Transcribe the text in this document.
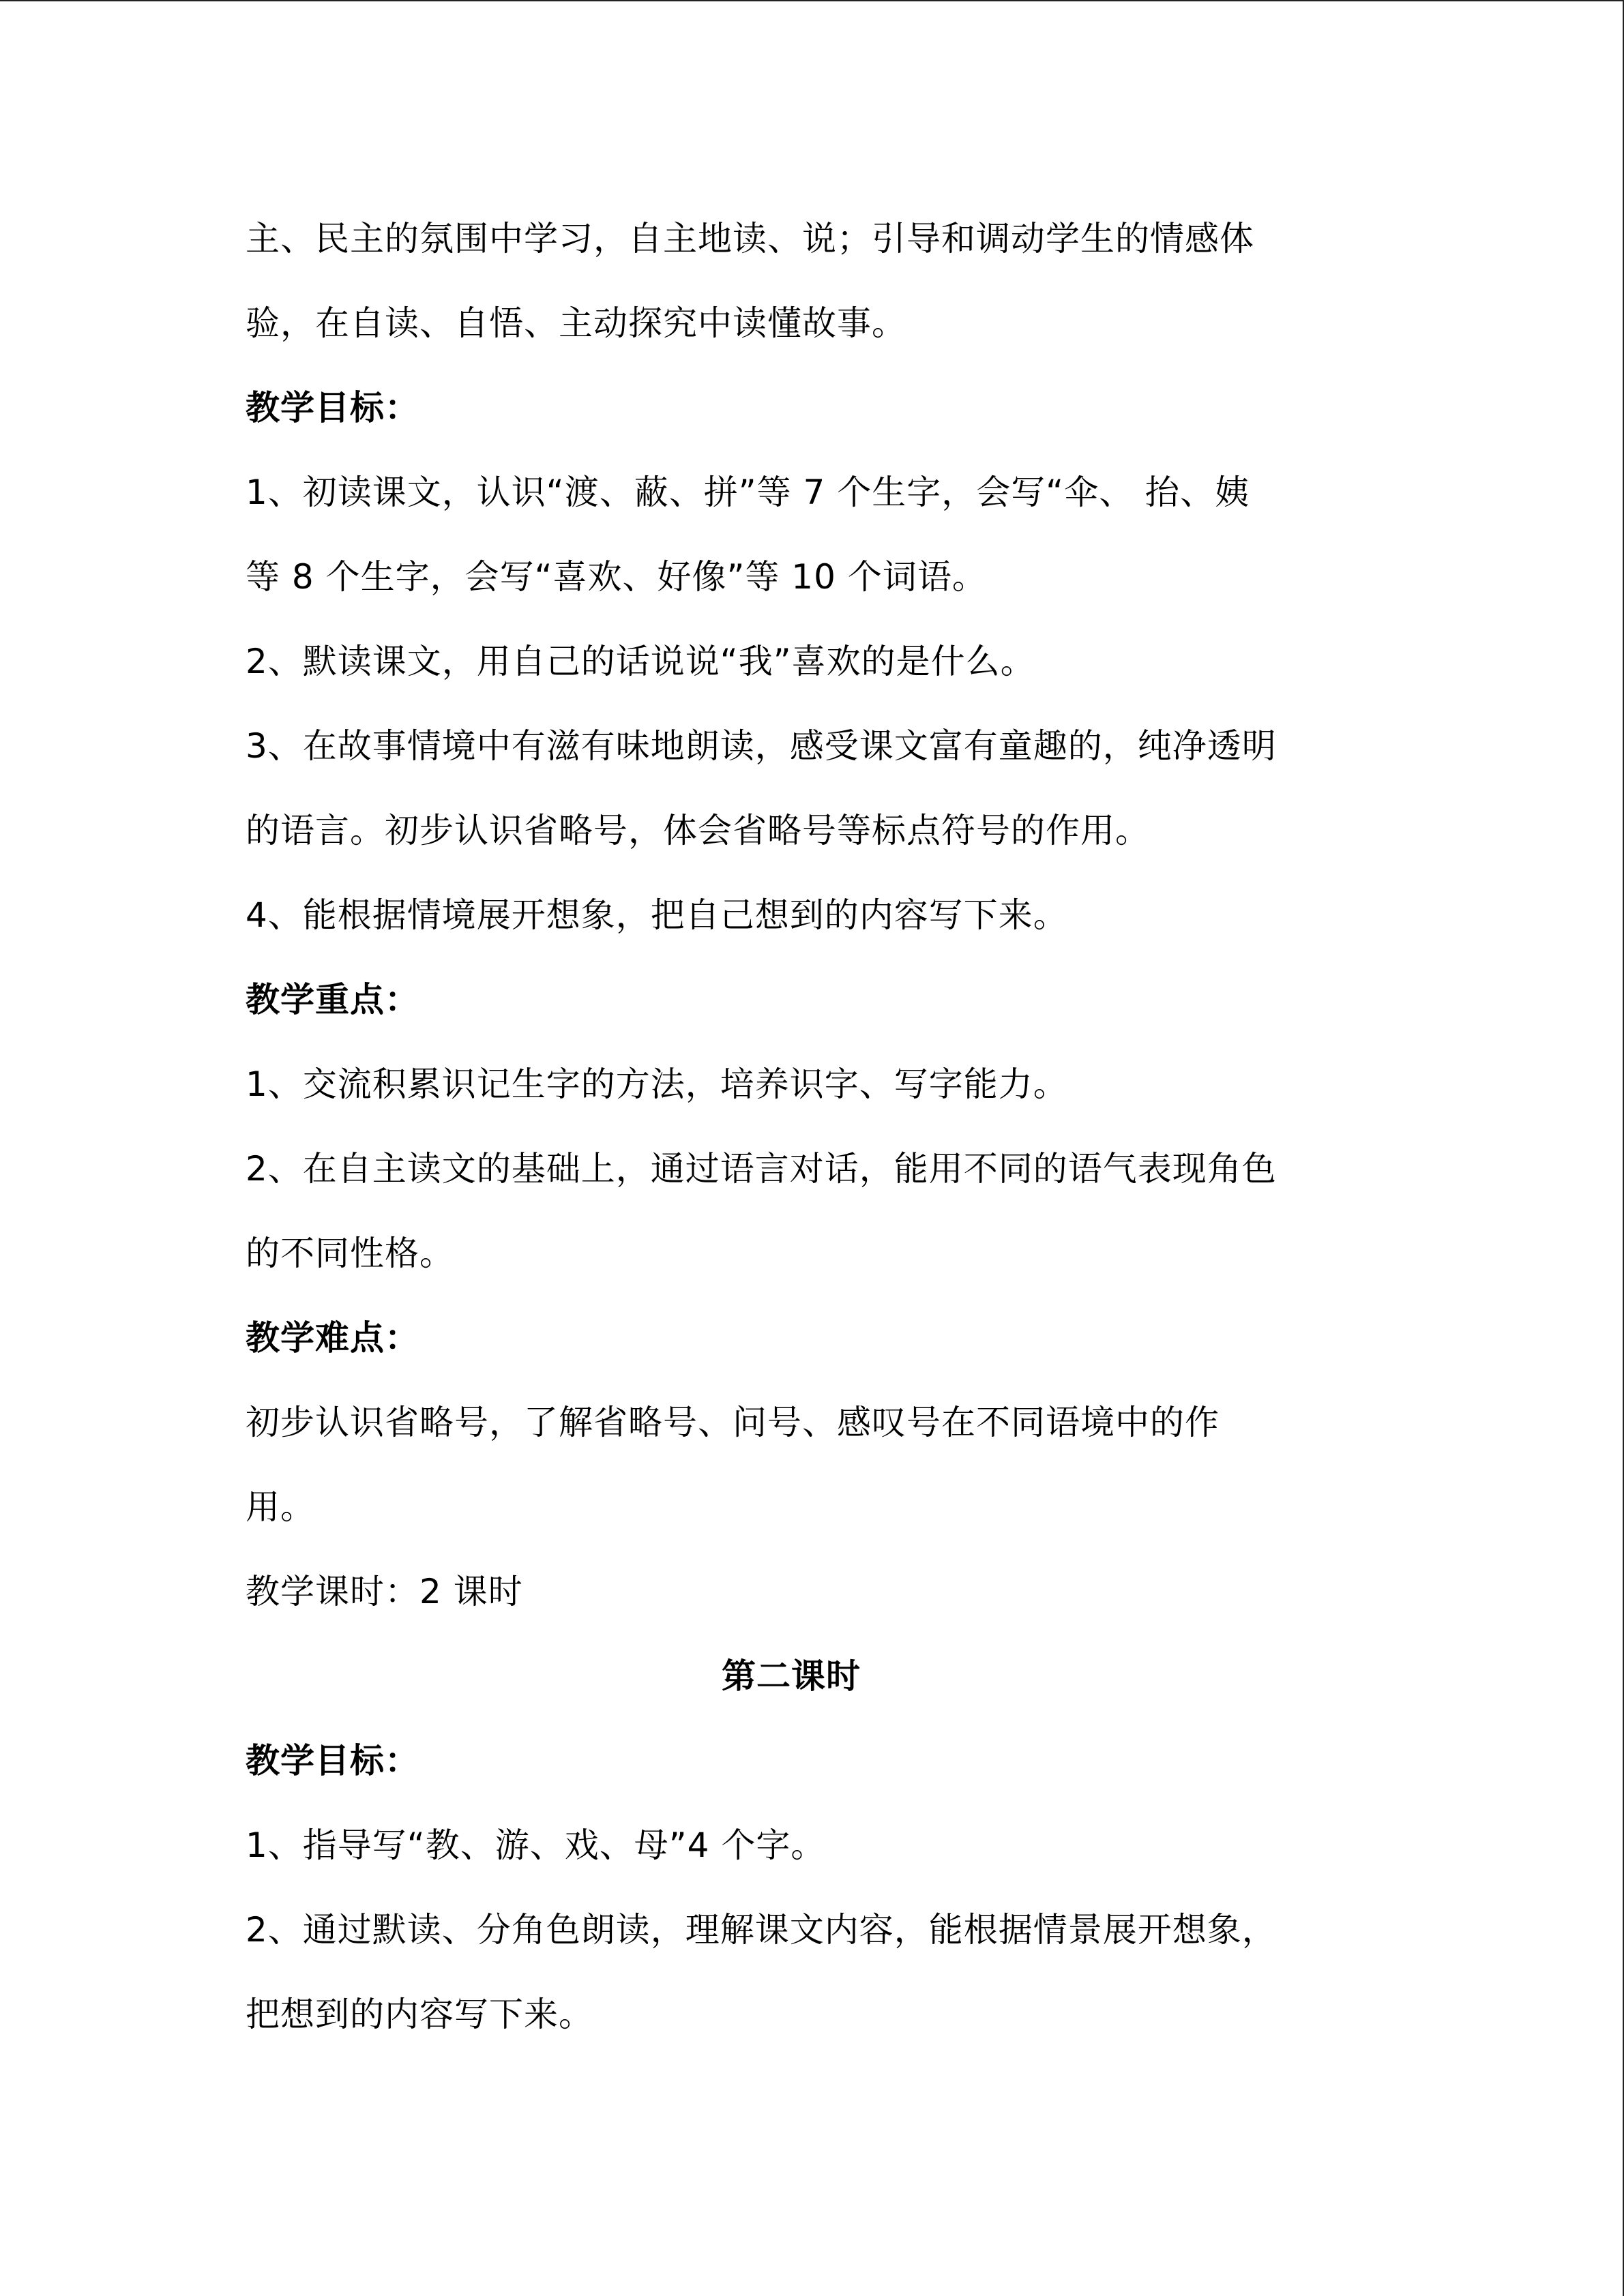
主、民主的氛围中学习，自主地读、说；引导和调动学生的情感体
验，在自读、自悟、主动探究中读懂故事。
教学目标：
1、初读课文，认识“渡、蔽、拼”等 7 个生字，会写“伞、 抬、姨
等 8 个生字，会写“喜欢、好像”等 10 个词语。
2、默读课文，用自己的话说说“我”喜欢的是什么。
3、在故事情境中有滋有味地朗读，感受课文富有童趣的，纯净透明
的语言。初步认识省略号，体会省略号等标点符号的作用。
4、能根据情境展开想象，把自己想到的内容写下来。
教学重点：
1、交流积累识记生字的方法，培养识字、写字能力。
2、在自主读文的基础上，通过语言对话，能用不同的语气表现角色
的不同性格。
教学难点：
初步认识省略号，了解省略号、问号、感叹号在不同语境中的作
用。
教学课时：2 课时
第二课时
教学目标：
1、指导写“教、游、戏、母”4 个字。
2、通过默读、分角色朗读，理解课文内容，能根据情景展开想象，
把想到的内容写下来。
